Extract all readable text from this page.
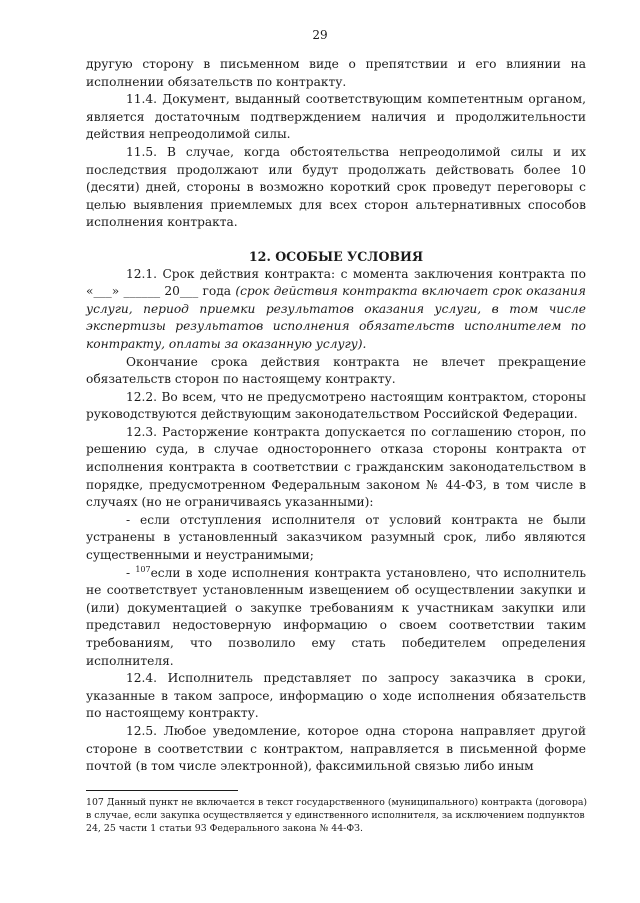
29

другую сторону в письменном виде о препятствии и его влиянии на исполнении обязательств по контракту.

11.4. Документ, выданный соответствующим компетентным органом, является достаточным подтверждением наличия и продолжительности действия непреодолимой силы.

11.5. В случае, когда обстоятельства непреодолимой силы и их последствия продолжают или будут продолжать действовать более 10 (десяти) дней, стороны в возможно короткий срок проведут переговоры с целью выявления приемлемых для всех сторон альтернативных способов исполнения контракта.

12. ОСОБЫЕ УСЛОВИЯ

12.1. Срок действия контракта: с момента заключения контракта по «___» ______ 20___ года (срок действия контракта включает срок оказания услуги, период приемки результатов оказания услуги, в том числе экспертизы результатов исполнения обязательств исполнителем по контракту, оплаты за оказанную услугу).

Окончание срока действия контракта не влечет прекращение обязательств сторон по настоящему контракту.

12.2. Во всем, что не предусмотрено настоящим контрактом, стороны руководствуются действующим законодательством Российской Федерации.

12.3. Расторжение контракта допускается по соглашению сторон, по решению суда, в случае одностороннего отказа стороны контракта от исполнения контракта в соответствии с гражданским законодательством в порядке, предусмотренном Федеральным законом № 44-ФЗ, в том числе в случаях (но не ограничиваясь указанными):

- если отступления исполнителя от условий контракта не были устранены в установленный заказчиком разумный срок, либо являются существенными и неустранимыми;

- $^{107}$если в ходе исполнения контракта установлено, что исполнитель не соответствует установленным извещением об осуществлении закупки и (или) документацией о закупке требованиям к участникам закупки или представил недостоверную информацию о своем соответствии таким требованиям, что позволило ему стать победителем определения исполнителя.

12.4. Исполнитель представляет по запросу заказчика в сроки, указанные в таком запросе, информацию о ходе исполнения обязательств по настоящему контракту.

12.5. Любое уведомление, которое одна сторона направляет другой стороне в соответствии с контрактом, направляется в письменной форме почтой (в том числе электронной), факсимильной связью либо иным

107 Данный пункт не включается в текст государственного (муниципального) контракта (договора) в случае, если закупка осуществляется у единственного исполнителя, за исключением подпунктов 24, 25 части 1 статьи 93 Федерального закона № 44-ФЗ.
